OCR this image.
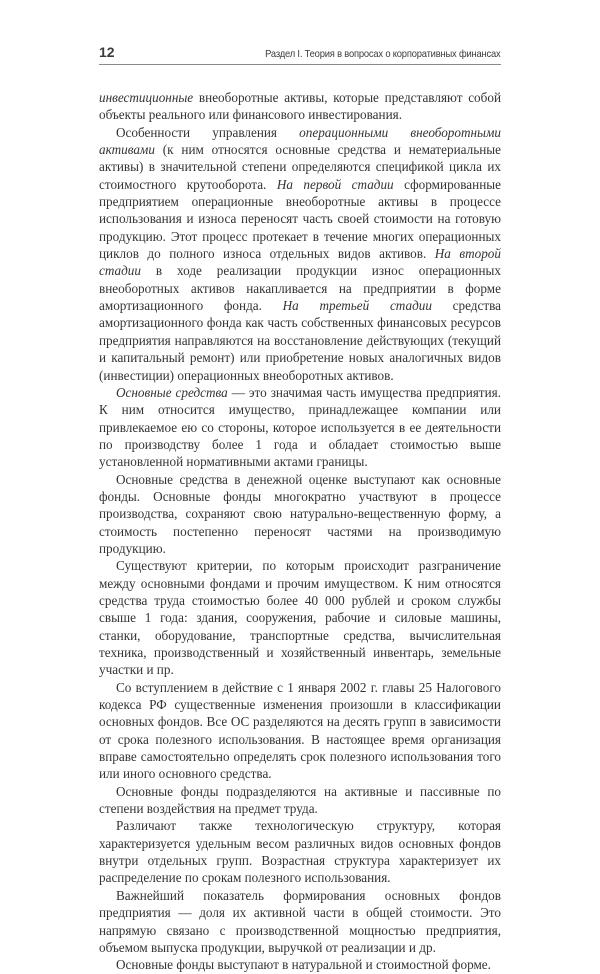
12	Раздел I. Теория в вопросах о корпоративных финансах

инвестиционные внеоборотные активы, которые представляют собой объекты реального или финансового инвестирования.

Особенности управления операционными внеоборотными активами (к ним относятся основные средства и нематериальные активы) в значительной степени определяются спецификой цикла их стоимостного крутооборота. На первой стадии сформированные предприятием операционные внеоборотные активы в процессе использования и износа переносят часть своей стоимости на готовую продукцию. Этот процесс протекает в течение многих операционных циклов до полного износа отдельных видов активов. На второй стадии в ходе реализации продукции износ операционных внеоборотных активов накапливается на предприятии в форме амортизационного фонда. На третьей стадии средства амортизационного фонда как часть собственных финансовых ресурсов предприятия направляются на восстановление действующих (текущий и капитальный ремонт) или приобретение новых аналогичных видов (инвестиции) операционных внеоборотных активов.

Основные средства — это значимая часть имущества предприятия. К ним относится имущество, принадлежащее компании или привлекаемое ею со стороны, которое используется в ее деятельности по производству более 1 года и обладает стоимостью выше установленной нормативными актами границы.

Основные средства в денежной оценке выступают как основные фонды. Основные фонды многократно участвуют в процессе производства, сохраняют свою натурально-вещественную форму, а стоимость постепенно переносят частями на производимую продукцию.

Существуют критерии, по которым происходит разграничение между основными фондами и прочим имуществом. К ним относятся средства труда стоимостью более 40 000 рублей и сроком службы свыше 1 года: здания, сооружения, рабочие и силовые машины, станки, оборудование, транспортные средства, вычислительная техника, производственный и хозяйственный инвентарь, земельные участки и пр.

Со вступлением в действие с 1 января 2002 г. главы 25 Налогового кодекса РФ существенные изменения произошли в классификации основных фондов. Все ОС разделяются на десять групп в зависимости от срока полезного использования. В настоящее время организация вправе самостоятельно определять срок полезного использования того или иного основного средства.

Основные фонды подразделяются на активные и пассивные по степени воздействия на предмет труда.

Различают также технологическую структуру, которая характеризуется удельным весом различных видов основных фондов внутри отдельных групп. Возрастная структура характеризует их распределение по срокам полезного использования.

Важнейший показатель формирования основных фондов предприятия — доля их активной части в общей стоимости. Это напрямую связано с производственной мощностью предприятия, объемом выпуска продукции, выручкой от реализации и др.

Основные фонды выступают в натуральной и стоимостной форме.
